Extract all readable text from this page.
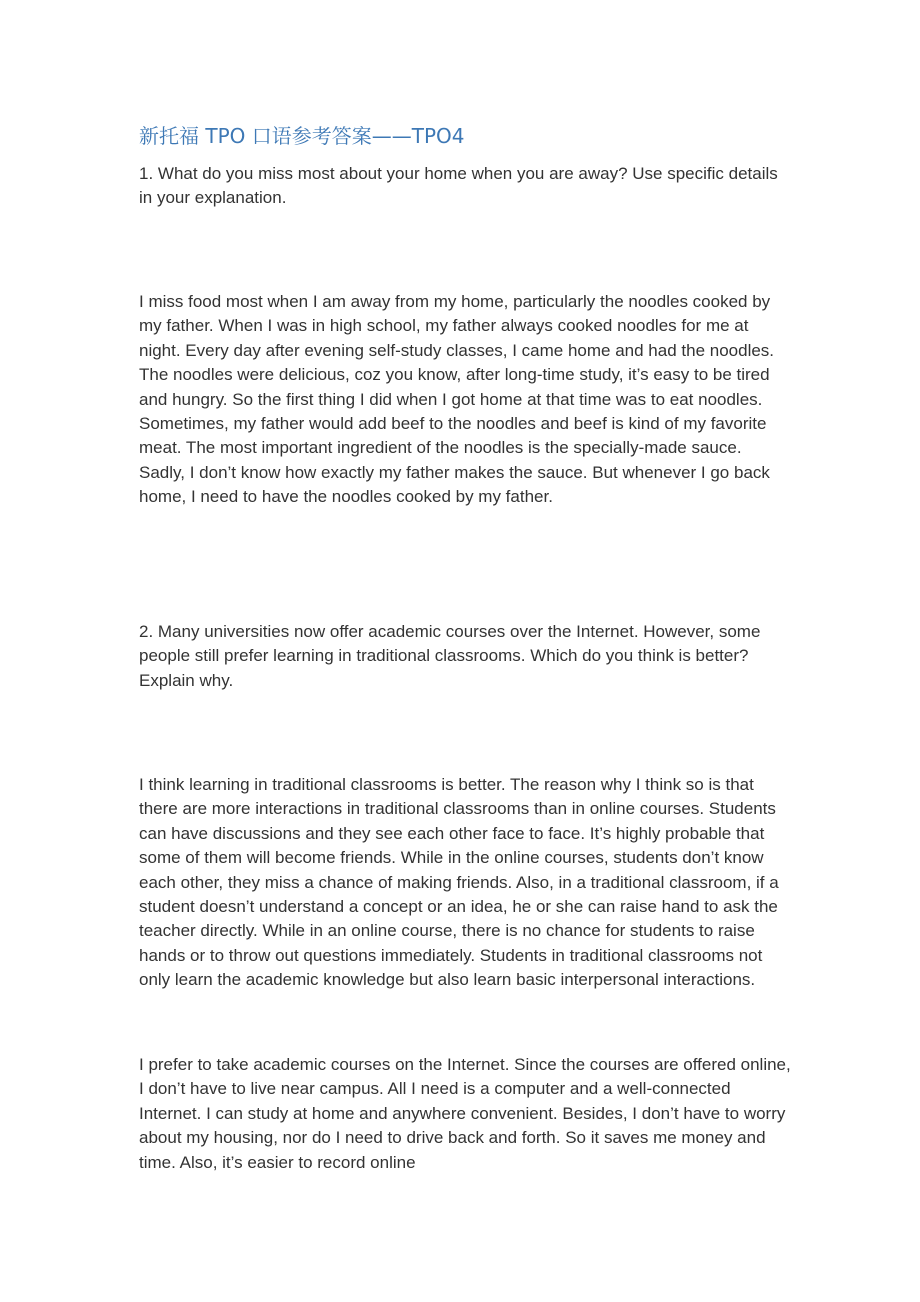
新托福 TPO 口语参考答案——TPO4

1. What do you miss most about your home when you are away? Use specific details in your explanation.

I miss food most when I am away from my home, particularly the noodles cooked by my father. When I was in high school, my father always cooked noodles for me at night. Every day after evening self-study classes, I came home and had the noodles. The noodles were delicious, coz you know, after long-time study, it’s easy to be tired and hungry. So the first thing I did when I got home at that time was to eat noodles. Sometimes, my father would add beef to the noodles and beef is kind of my favorite meat. The most important ingredient of the noodles is the specially-made sauce. Sadly, I don’t know how exactly my father makes the sauce. But whenever I go back home, I need to have the noodles cooked by my father.

2. Many universities now offer academic courses over the Internet. However, some people still prefer learning in traditional classrooms. Which do you think is better? Explain why.

I think learning in traditional classrooms is better. The reason why I think so is that there are more interactions in traditional classrooms than in online courses. Students can have discussions and they see each other face to face. It’s highly probable that some of them will become friends. While in the online courses, students don’t know each other, they miss a chance of making friends. Also, in a traditional classroom, if a student doesn’t understand a concept or an idea, he or she can raise hand to ask the teacher directly. While in an online course, there is no chance for students to raise hands or to throw out questions immediately. Students in traditional classrooms not only learn the academic knowledge but also learn basic interpersonal interactions.

I prefer to take academic courses on the Internet. Since the courses are offered online, I don’t have to live near campus. All I need is a computer and a well-connected Internet. I can study at home and anywhere convenient. Besides, I don’t have to worry about my housing, nor do I need to drive back and forth. So it saves me money and time. Also, it’s easier to record online
